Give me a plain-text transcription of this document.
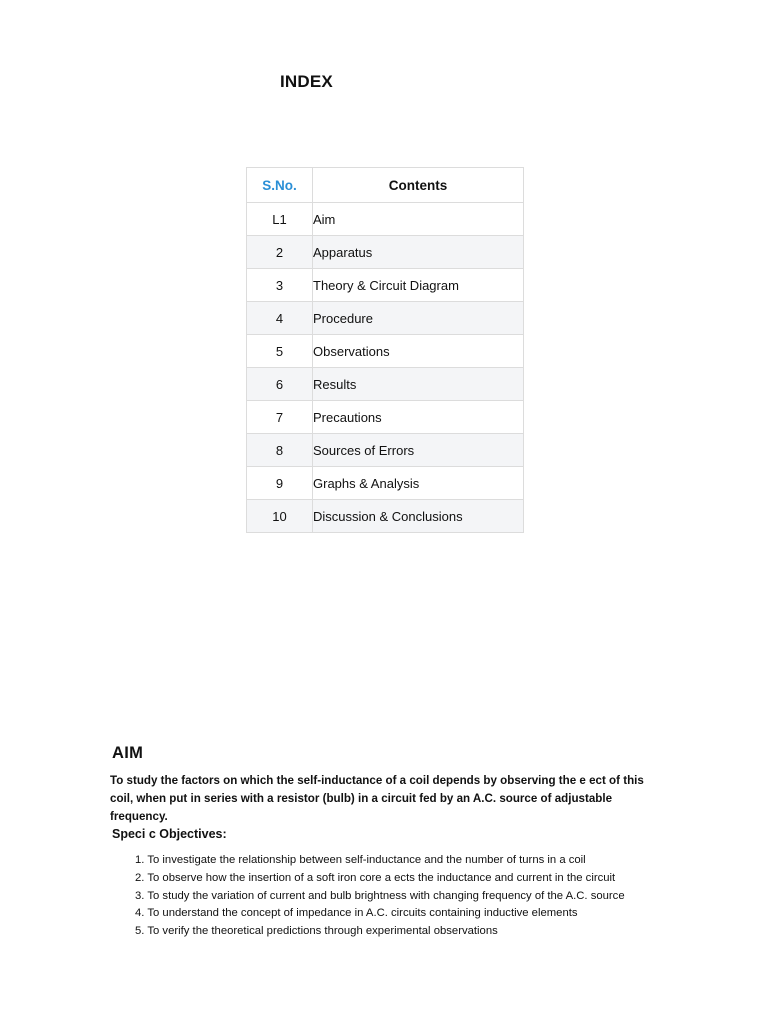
INDEX
S.No.	Contents
L1	Aim
2	Apparatus
3	Theory & Circuit Diagram
4	Procedure
5	Observations
6	Results
7	Precautions
8	Sources of Errors
9	Graphs & Analysis
10	Discussion & Conclusions
AIM
To study the factors on which the self-inductance of a coil depends by observing the e ect of this coil, when put in series with a resistor (bulb) in a circuit fed by an A.C. source of adjustable frequency.
Speci c Objectives:
1. To investigate the relationship between self-inductance and the number of turns in a coil
2. To observe how the insertion of a soft iron core a ects the inductance and current in the circuit
3. To study the variation of current and bulb brightness with changing frequency of the A.C. source
4. To understand the concept of impedance in A.C. circuits containing inductive elements
5. To verify the theoretical predictions through experimental observations
